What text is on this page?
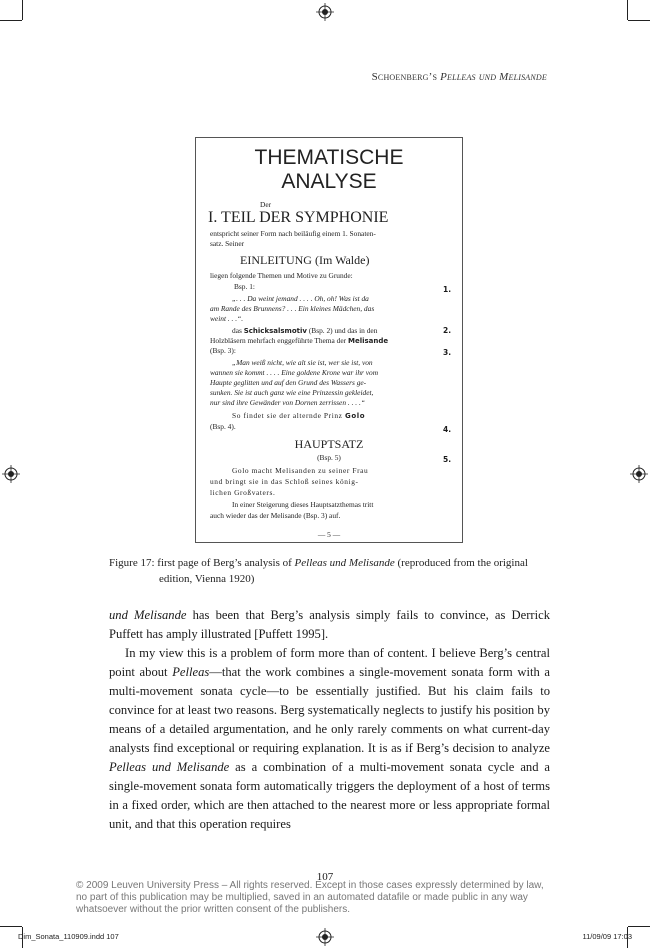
Schoenberg’s Pelleas und Melisande
THEMATISCHE
ANALYSE
Der
I. TEIL DER SYMPHONIE
entspricht seiner Form nach beiläufig einem 1. Sonaten-
satz. Seiner
EINLEITUNG (Im Walde)
liegen folgende Themen und Motive zu Grunde:
Bsp. 1:
„. . . Da weint jemand . . . . Oh, oh! Was ist da
am Rande des Brunnens? . . . Ein kleines Mädchen, das
weint . . .“.
das Schicksalsmotiv (Bsp. 2) und das in den
Holzbläsern mehrfach enggeführte Thema der Melisande
(Bsp. 3):
„Man weiß nicht, wie alt sie ist, wer sie ist, von
wannen sie kommt . . . . Eine goldene Krone war ihr vom
Haupte geglitten und auf den Grund des Wassers ge-
sunken. Sie ist auch ganz wie eine Prinzessin gekleidet,
nur sind ihre Gewänder von Dornen zerrissen . . . .“
So findet sie der alternde Prinz Golo
(Bsp. 4).
HAUPTSATZ
(Bsp. 5)
Golo macht Melisanden zu seiner Frau
und bringt sie in das Schloß seines könig-
lichen Großvaters.
In einer Steigerung dieses Hauptsatzthemas tritt
auch wieder das der Melisande (Bsp. 3) auf.
— 5 —
1.
2.
3.
4.
5.
Figure 17: first page of Berg’s analysis of Pelleas und Melisande (reproduced from the original
edition, Vienna 1920)

und Melisande has been that Berg’s analysis simply fails to convince, as Derrick Puffett has amply illustrated [Puffett 1995].

In my view this is a problem of form more than of content. I believe Berg’s central point about Pelleas—that the work combines a single-movement sonata form with a multi-movement sonata cycle—to be essentially justified. But his claim fails to convince for at least two reasons. Berg systematically neglects to justify his position by means of a detailed argumentation, and he only rarely comments on what current-day analysts find exceptional or requiring explanation. It is as if Berg’s decision to analyze Pelleas und Melisande as a combination of a multi-movement sonata cycle and a single-movement sonata form automatically triggers the deployment of a host of terms in a fixed order, which are then attached to the nearest more or less appropriate formal unit, and that this operation requires

107
© 2009 Leuven University Press – All rights reserved. Except in those cases expressly determined by law,
no part of this publication may be multiplied, saved in an automated datafile or made public in any way
whatsoever without the prior written consent of the publishers.
Dim_Sonata_110909.indd 107	11/09/09 17:03
